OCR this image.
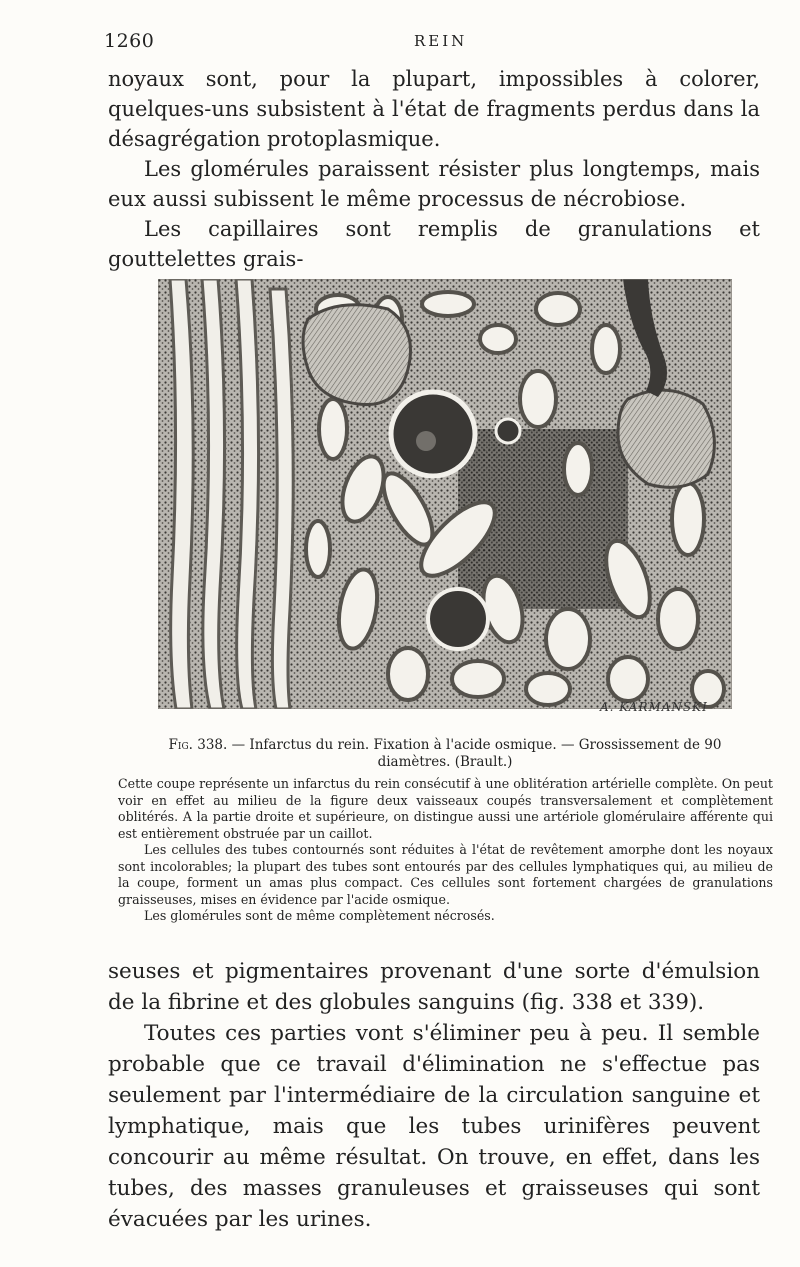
1260	REIN

noyaux sont, pour la plupart, impossibles à colorer, quelques-uns subsistent à l'état de fragments perdus dans la désagrégation protoplasmique.

Les glomérules paraissent résister plus longtemps, mais eux aussi subissent le même processus de nécrobiose.

Les capillaires sont remplis de granulations et gouttelettes grais-

A. KARMANSKI
Fig. 338. — Infarctus du rein. Fixation à l'acide osmique. — Grossissement de 90 diamètres. (Brault.)

Cette coupe représente un infarctus du rein consécutif à une oblitération artérielle complète. On peut voir en effet au milieu de la figure deux vaisseaux coupés transversalement et complètement oblitérés. A la partie droite et supérieure, on distingue aussi une artériole glomérulaire afférente qui est entièrement obstruée par un caillot.

Les cellules des tubes contournés sont réduites à l'état de revêtement amorphe dont les noyaux sont incolorables; la plupart des tubes sont entourés par des cellules lymphatiques qui, au milieu de la coupe, forment un amas plus compact. Ces cellules sont fortement chargées de granulations graisseuses, mises en évidence par l'acide osmique.

Les glomérules sont de même complètement nécrosés.

seuses et pigmentaires provenant d'une sorte d'émulsion de la fibrine et des globules sanguins (fig. 338 et 339).

Toutes ces parties vont s'éliminer peu à peu. Il semble probable que ce travail d'élimination ne s'effectue pas seulement par l'intermédiaire de la circulation sanguine et lymphatique, mais que les tubes urinifères peuvent concourir au même résultat. On trouve, en effet, dans les tubes, des masses granuleuses et graisseuses qui sont évacuées par les urines.
